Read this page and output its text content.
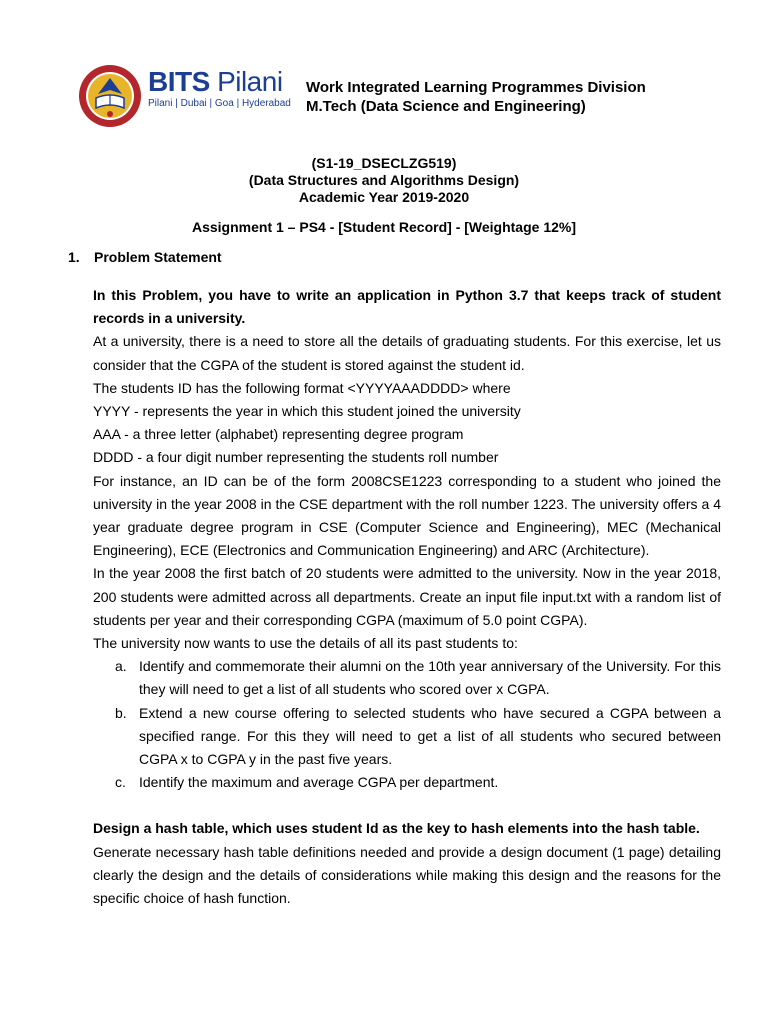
BITS Pilani
Pilani | Dubai | Goa | Hyderabad
Work Integrated Learning Programmes Division
M.Tech (Data Science and Engineering)
(S1-19_DSECLZG519)
(Data Structures and Algorithms Design)
Academic Year 2019-2020
Assignment 1 – PS4 - [Student Record] - [Weightage 12%]
1. Problem Statement

In this Problem, you have to write an application in Python 3.7 that keeps track of student records in a university.

At a university, there is a need to store all the details of graduating students. For this exercise, let us consider that the CGPA of the student is stored against the student id.

The students ID has the following format <YYYYAAADDDD> where

YYYY - represents the year in which this student joined the university

AAA - a three letter (alphabet) representing degree program

DDDD - a four digit number representing the students roll number

For instance, an ID can be of the form 2008CSE1223 corresponding to a student who joined the university in the year 2008 in the CSE department with the roll number 1223. The university offers a 4 year graduate degree program in CSE (Computer Science and Engineering), MEC (Mechanical Engineering), ECE (Electronics and Communication Engineering) and ARC (Architecture).

In the year 2008 the first batch of 20 students were admitted to the university. Now in the year 2018, 200 students were admitted across all departments. Create an input file input.txt with a random list of students per year and their corresponding CGPA (maximum of 5.0 point CGPA).

The university now wants to use the details of all its past students to:

a. Identify and commemorate their alumni on the 10th year anniversary of the University. For this they will need to get a list of all students who scored over x CGPA.
b. Extend a new course offering to selected students who have secured a CGPA between a specified range. For this they will need to get a list of all students who secured between CGPA x to CGPA y in the past five years.
c. Identify the maximum and average CGPA per department.

Design a hash table, which uses student Id as the key to hash elements into the hash table.

Generate necessary hash table definitions needed and provide a design document (1 page) detailing clearly the design and the details of considerations while making this design and the reasons for the specific choice of hash function.
